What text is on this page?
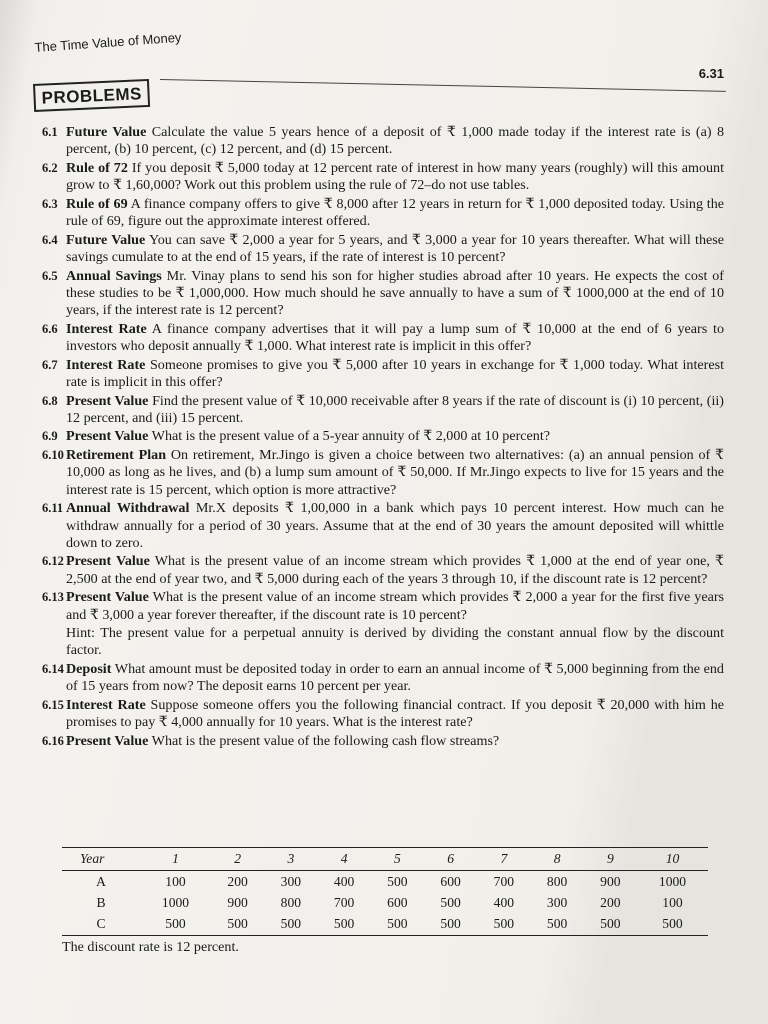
The Time Value of Money
6.31
PROBLEMS
6.1 Future Value Calculate the value 5 years hence of a deposit of ₹ 1,000 made today if the interest rate is (a) 8 percent, (b) 10 percent, (c) 12 percent, and (d) 15 percent.
6.2 Rule of 72 If you deposit ₹ 5,000 today at 12 percent rate of interest in how many years (roughly) will this amount grow to ₹ 1,60,000? Work out this problem using the rule of 72–do not use tables.
6.3 Rule of 69 A finance company offers to give ₹ 8,000 after 12 years in return for ₹ 1,000 deposited today. Using the rule of 69, figure out the approximate interest offered.
6.4 Future Value You can save ₹ 2,000 a year for 5 years, and ₹ 3,000 a year for 10 years thereafter. What will these savings cumulate to at the end of 15 years, if the rate of interest is 10 percent?
6.5 Annual Savings Mr. Vinay plans to send his son for higher studies abroad after 10 years. He expects the cost of these studies to be ₹ 1,000,000. How much should he save annually to have a sum of ₹ 1000,000 at the end of 10 years, if the interest rate is 12 percent?
6.6 Interest Rate A finance company advertises that it will pay a lump sum of ₹ 10,000 at the end of 6 years to investors who deposit annually ₹ 1,000. What interest rate is implicit in this offer?
6.7 Interest Rate Someone promises to give you ₹ 5,000 after 10 years in exchange for ₹ 1,000 today. What interest rate is implicit in this offer?
6.8 Present Value Find the present value of ₹ 10,000 receivable after 8 years if the rate of discount is (i) 10 percent, (ii) 12 percent, and (iii) 15 percent.
6.9 Present Value What is the present value of a 5-year annuity of ₹ 2,000 at 10 percent?
6.10 Retirement Plan On retirement, Mr.Jingo is given a choice between two alternatives: (a) an annual pension of ₹ 10,000 as long as he lives, and (b) a lump sum amount of ₹ 50,000. If Mr.Jingo expects to live for 15 years and the interest rate is 15 percent, which option is more attractive?
6.11 Annual Withdrawal Mr.X deposits ₹ 1,00,000 in a bank which pays 10 percent interest. How much can he withdraw annually for a period of 30 years. Assume that at the end of 30 years the amount deposited will whittle down to zero.
6.12 Present Value What is the present value of an income stream which provides ₹ 1,000 at the end of year one, ₹ 2,500 at the end of year two, and ₹ 5,000 during each of the years 3 through 10, if the discount rate is 12 percent?
6.13 Present Value What is the present value of an income stream which provides ₹ 2,000 a year for the first five years and ₹ 3,000 a year forever thereafter, if the discount rate is 10 percent?
Hint: The present value for a perpetual annuity is derived by dividing the constant annual flow by the discount factor.
6.14 Deposit What amount must be deposited today in order to earn an annual income of ₹ 5,000 beginning from the end of 15 years from now? The deposit earns 10 percent per year.
6.15 Interest Rate Suppose someone offers you the following financial contract. If you deposit ₹ 20,000 with him he promises to pay ₹ 4,000 annually for 10 years. What is the interest rate?
6.16 Present Value What is the present value of the following cash flow streams?
Year	1	2	3	4	5	6	7	8	9	10
A	100	200	300	400	500	600	700	800	900	1000
B	1000	900	800	700	600	500	400	300	200	100
C	500	500	500	500	500	500	500	500	500	500
The discount rate is 12 percent.
